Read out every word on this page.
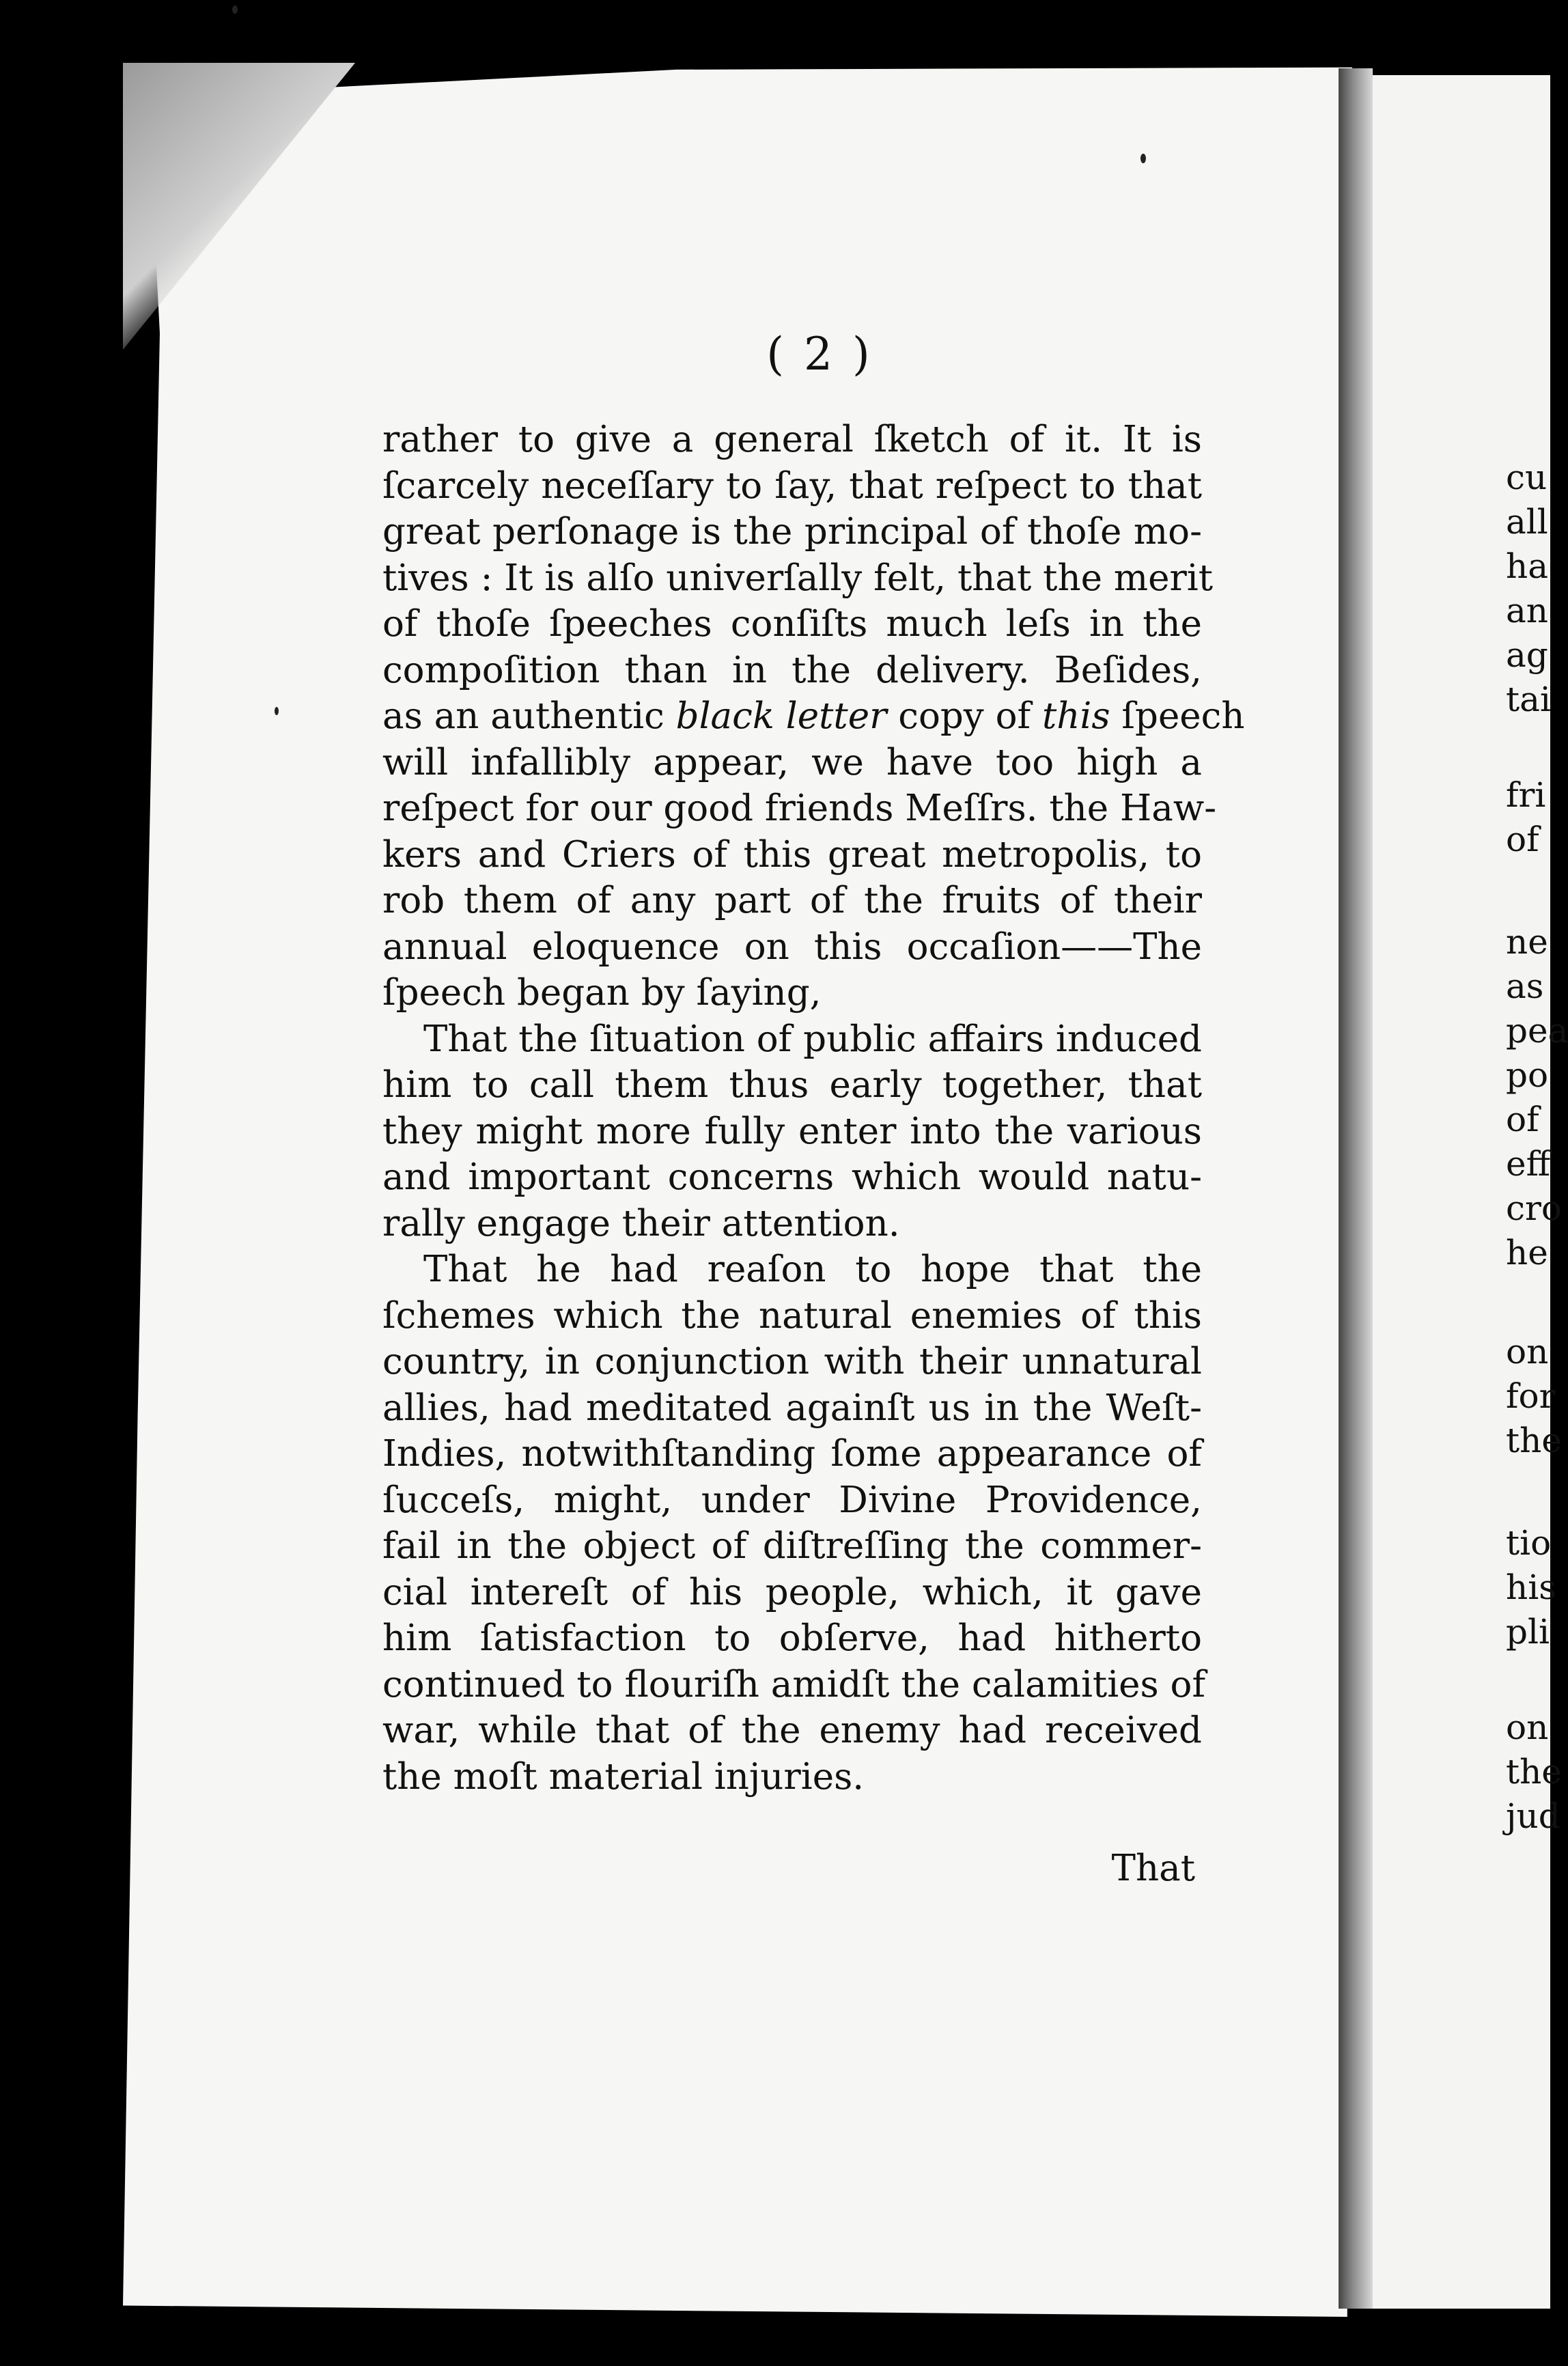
( 2 )
rather to give a general ſketch of it. It is
ſcarcely neceſſary to ſay, that reſpect to that
great perſonage is the principal of thoſe mo-
tives : It is alſo univerſally felt, that the merit
of thoſe ſpeeches conſiſts much leſs in the
compoſition than in the delivery. Beſides,
as an authentic black letter copy of this ſpeech
will infallibly appear, we have too high a
reſpect for our good friends Meſſrs. the Haw-
kers and Criers of this great metropolis, to
rob them of any part of the fruits of their
annual eloquence on this occaſion——The
ſpeech began by ſaying,
That the ſituation of public affairs induced
him to call them thus early together, that
they might more fully enter into the various
and important concerns which would natu-
rally engage their attention.
That he had reaſon to hope that the
ſchemes which the natural enemies of this
country, in conjunction with their unnatural
allies, had meditated againſt us in the Weſt-
Indies, notwithſtanding ſome appearance of
ſucceſs, might, under Divine Providence,
fail in the object of diſtreſſing the commer-
cial intereſt of his people, which, it gave
him ſatisfaction to obſerve, had hitherto
continued to flouriſh amidſt the calamities of
war, while that of the enemy had received
the moſt material injuries.
That
cu
all
ha
an
ag
tai
fri
of
ne
as
pea
po
of
eff
cro
he
on
for
the
tio
his
pli
on
the
jud
